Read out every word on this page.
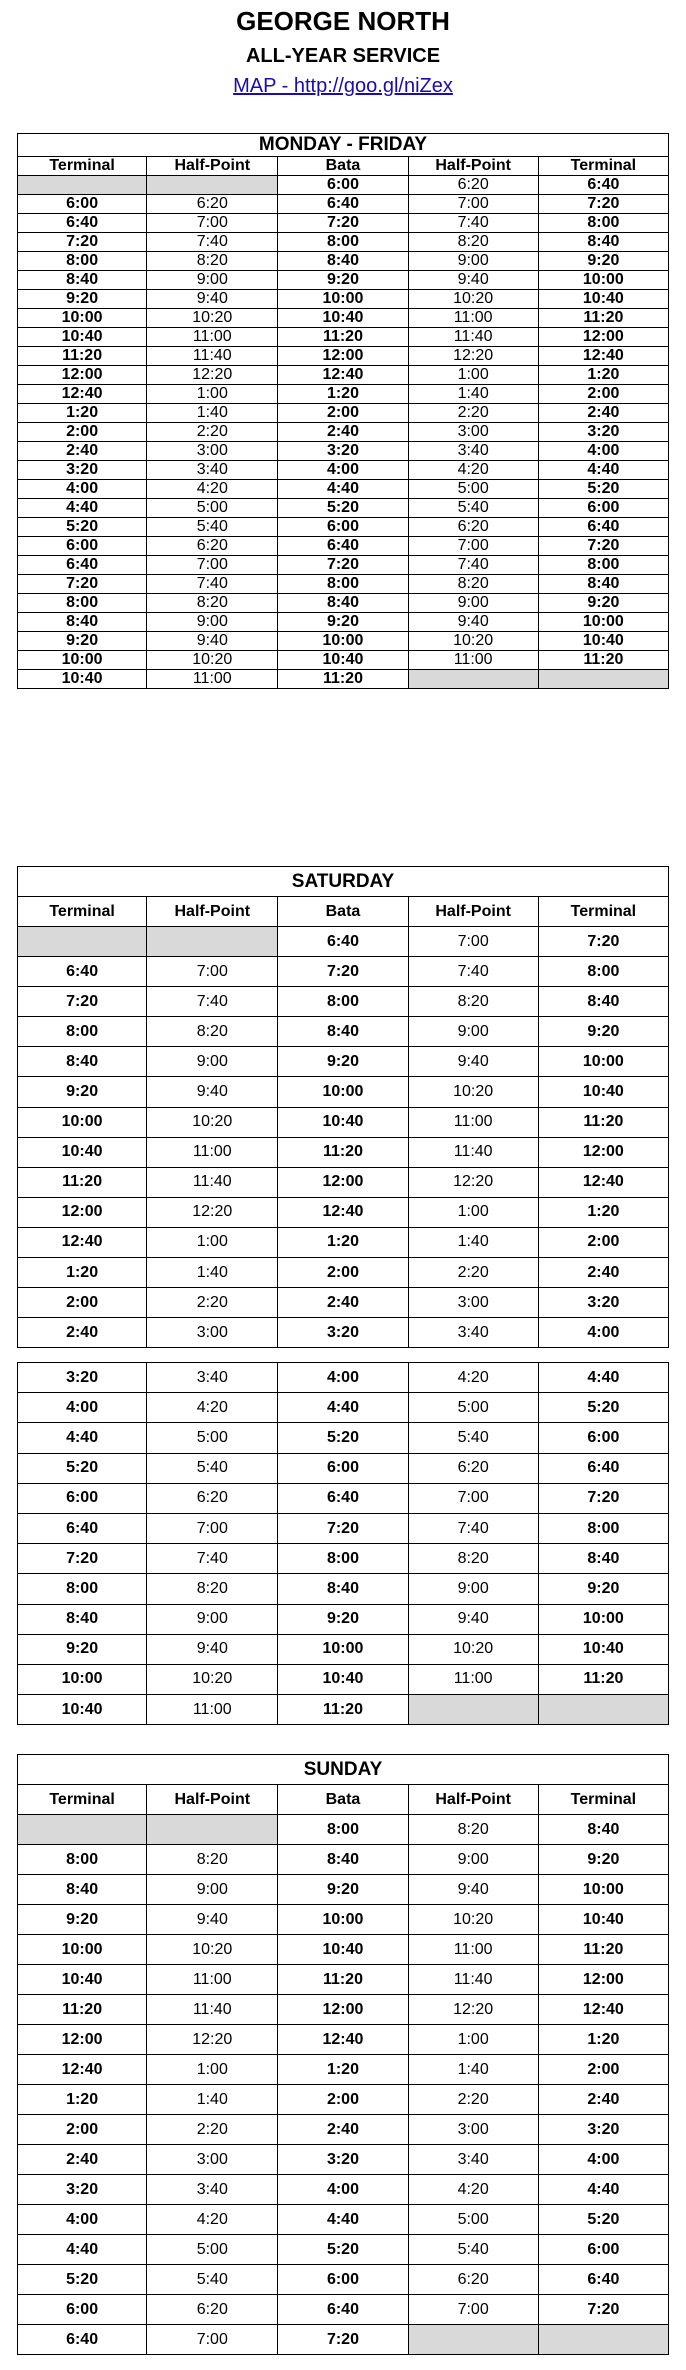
GEORGE NORTH
ALL-YEAR SERVICE
MAP - http://goo.gl/niZex
MONDAY - FRIDAY				
Terminal	Half-Point	Bata	Half-Point	Terminal
		6:00	6:20	6:40
6:00	6:20	6:40	7:00	7:20
6:40	7:00	7:20	7:40	8:00
7:20	7:40	8:00	8:20	8:40
8:00	8:20	8:40	9:00	9:20
8:40	9:00	9:20	9:40	10:00
9:20	9:40	10:00	10:20	10:40
10:00	10:20	10:40	11:00	11:20
10:40	11:00	11:20	11:40	12:00
11:20	11:40	12:00	12:20	12:40
12:00	12:20	12:40	1:00	1:20
12:40	1:00	1:20	1:40	2:00
1:20	1:40	2:00	2:20	2:40
2:00	2:20	2:40	3:00	3:20
2:40	3:00	3:20	3:40	4:00
3:20	3:40	4:00	4:20	4:40
4:00	4:20	4:40	5:00	5:20
4:40	5:00	5:20	5:40	6:00
5:20	5:40	6:00	6:20	6:40
6:00	6:20	6:40	7:00	7:20
6:40	7:00	7:20	7:40	8:00
7:20	7:40	8:00	8:20	8:40
8:00	8:20	8:40	9:00	9:20
8:40	9:00	9:20	9:40	10:00
9:20	9:40	10:00	10:20	10:40
10:00	10:20	10:40	11:00	11:20
10:40	11:00	11:20		
SATURDAY				
Terminal	Half-Point	Bata	Half-Point	Terminal
		6:40	7:00	7:20
6:40	7:00	7:20	7:40	8:00
7:20	7:40	8:00	8:20	8:40
8:00	8:20	8:40	9:00	9:20
8:40	9:00	9:20	9:40	10:00
9:20	9:40	10:00	10:20	10:40
10:00	10:20	10:40	11:00	11:20
10:40	11:00	11:20	11:40	12:00
11:20	11:40	12:00	12:20	12:40
12:00	12:20	12:40	1:00	1:20
12:40	1:00	1:20	1:40	2:00
1:20	1:40	2:00	2:20	2:40
2:00	2:20	2:40	3:00	3:20
2:40	3:00	3:20	3:40	4:00
3:20	3:40	4:00	4:20	4:40
4:00	4:20	4:40	5:00	5:20
4:40	5:00	5:20	5:40	6:00
5:20	5:40	6:00	6:20	6:40
6:00	6:20	6:40	7:00	7:20
6:40	7:00	7:20	7:40	8:00
7:20	7:40	8:00	8:20	8:40
8:00	8:20	8:40	9:00	9:20
8:40	9:00	9:20	9:40	10:00
9:20	9:40	10:00	10:20	10:40
10:00	10:20	10:40	11:00	11:20
10:40	11:00	11:20		
SUNDAY				
Terminal	Half-Point	Bata	Half-Point	Terminal
		8:00	8:20	8:40
8:00	8:20	8:40	9:00	9:20
8:40	9:00	9:20	9:40	10:00
9:20	9:40	10:00	10:20	10:40
10:00	10:20	10:40	11:00	11:20
10:40	11:00	11:20	11:40	12:00
11:20	11:40	12:00	12:20	12:40
12:00	12:20	12:40	1:00	1:20
12:40	1:00	1:20	1:40	2:00
1:20	1:40	2:00	2:20	2:40
2:00	2:20	2:40	3:00	3:20
2:40	3:00	3:20	3:40	4:00
3:20	3:40	4:00	4:20	4:40
4:00	4:20	4:40	5:00	5:20
4:40	5:00	5:20	5:40	6:00
5:20	5:40	6:00	6:20	6:40
6:00	6:20	6:40	7:00	7:20
6:40	7:00	7:20		
